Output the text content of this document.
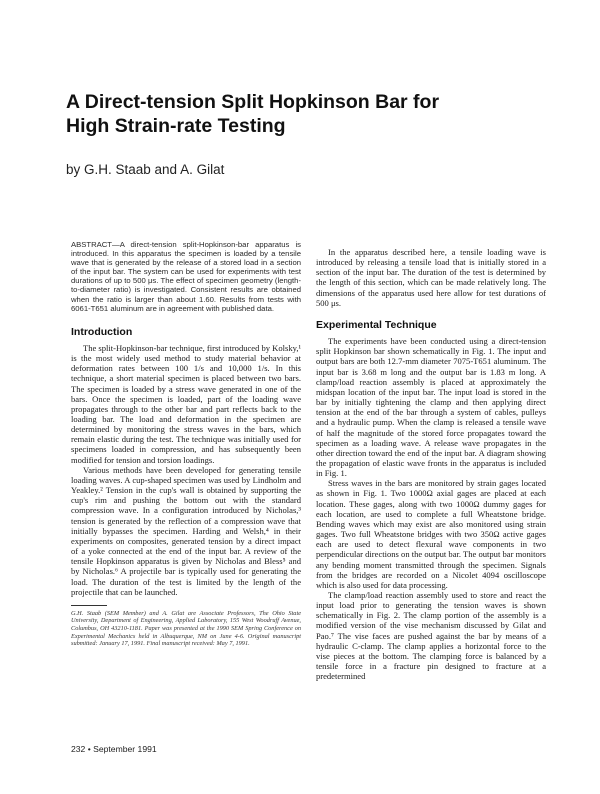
A Direct-tension Split Hopkinson Bar for
High Strain-rate Testing
by G.H. Staab and A. Gilat

ABSTRACT—A direct-tension split-Hopkinson-bar apparatus is introduced. In this apparatus the specimen is loaded by a tensile wave that is generated by the release of a stored load in a section of the input bar. The system can be used for experiments with test durations of up to 500 μs. The effect of specimen geometry (length-to-diameter ratio) is investigated. Consistent results are obtained when the ratio is larger than about 1.60. Results from tests with 6061-T651 aluminum are in agreement with published data.

Introduction

The split-Hopkinson-bar technique, first introduced by Kolsky,¹ is the most widely used method to study material behavior at deformation rates between 100 1/s and 10,000 1/s. In this technique, a short material specimen is placed between two bars. The specimen is loaded by a stress wave generated in one of the bars. Once the specimen is loaded, part of the loading wave propagates through to the other bar and part reflects back to the loading bar. The load and deformation in the specimen are determined by monitoring the stress waves in the bars, which remain elastic during the test. The technique was initially used for specimens loaded in compression, and has subsequently been modified for tension and torsion loadings.

Various methods have been developed for generating tensile loading waves. A cup-shaped specimen was used by Lindholm and Yeakley.² Tension in the cup's wall is obtained by supporting the cup's rim and pushing the bottom out with the standard compression wave. In a configuration introduced by Nicholas,³ tension is generated by the reflection of a compression wave that initially bypasses the specimen. Harding and Welsh,⁴ in their experiments on composites, generated tension by a direct impact of a yoke connected at the end of the input bar. A review of the tensile Hopkinson apparatus is given by Nicholas and Bless⁵ and by Nicholas.⁶ A projectile bar is typically used for generating the load. The duration of the test is limited by the length of the projectile that can be launched.

G.H. Staab (SEM Member) and A. Gilat are Associate Professors, The Ohio State University, Department of Engineering, Applied Laboratory, 155 West Woodruff Avenue, Columbus, OH 43210-1181. Paper was presented at the 1990 SEM Spring Conference on Experimental Mechanics held in Albuquerque, NM on June 4-6. Original manuscript submitted: January 17, 1991. Final manuscript received: May 7, 1991.

In the apparatus described here, a tensile loading wave is introduced by releasing a tensile load that is initially stored in a section of the input bar. The duration of the test is determined by the length of this section, which can be made relatively long. The dimensions of the apparatus used here allow for test durations of 500 μs.

Experimental Technique

The experiments have been conducted using a direct-tension split Hopkinson bar shown schematically in Fig. 1. The input and output bars are both 12.7-mm diameter 7075-T651 aluminum. The input bar is 3.68 m long and the output bar is 1.83 m long. A clamp/load reaction assembly is placed at approximately the midspan location of the input bar. The input load is stored in the bar by initially tightening the clamp and then applying direct tension at the end of the bar through a system of cables, pulleys and a hydraulic pump. When the clamp is released a tensile wave of half the magnitude of the stored force propagates toward the specimen as a loading wave. A release wave propagates in the other direction toward the end of the input bar. A diagram showing the propagation of elastic wave fronts in the apparatus is included in Fig. 1.

Stress waves in the bars are monitored by strain gages located as shown in Fig. 1. Two 1000Ω axial gages are placed at each location. These gages, along with two 1000Ω dummy gages for each location, are used to complete a full Wheatstone bridge. Bending waves which may exist are also monitored using strain gages. Two full Wheatstone bridges with two 350Ω active gages each are used to detect flexural wave components in two perpendicular directions on the output bar. The output bar monitors any bending moment transmitted through the specimen. Signals from the bridges are recorded on a Nicolet 4094 oscilloscope which is also used for data processing.

The clamp/load reaction assembly used to store and react the input load prior to generating the tension waves is shown schematically in Fig. 2. The clamp portion of the assembly is a modified version of the vise mechanism discussed by Gilat and Pao.⁷ The vise faces are pushed against the bar by means of a hydraulic C-clamp. The clamp applies a horizontal force to the vise pieces at the bottom. The clamping force is balanced by a tensile force in a fracture pin designed to fracture at a predetermined

232 • September 1991
